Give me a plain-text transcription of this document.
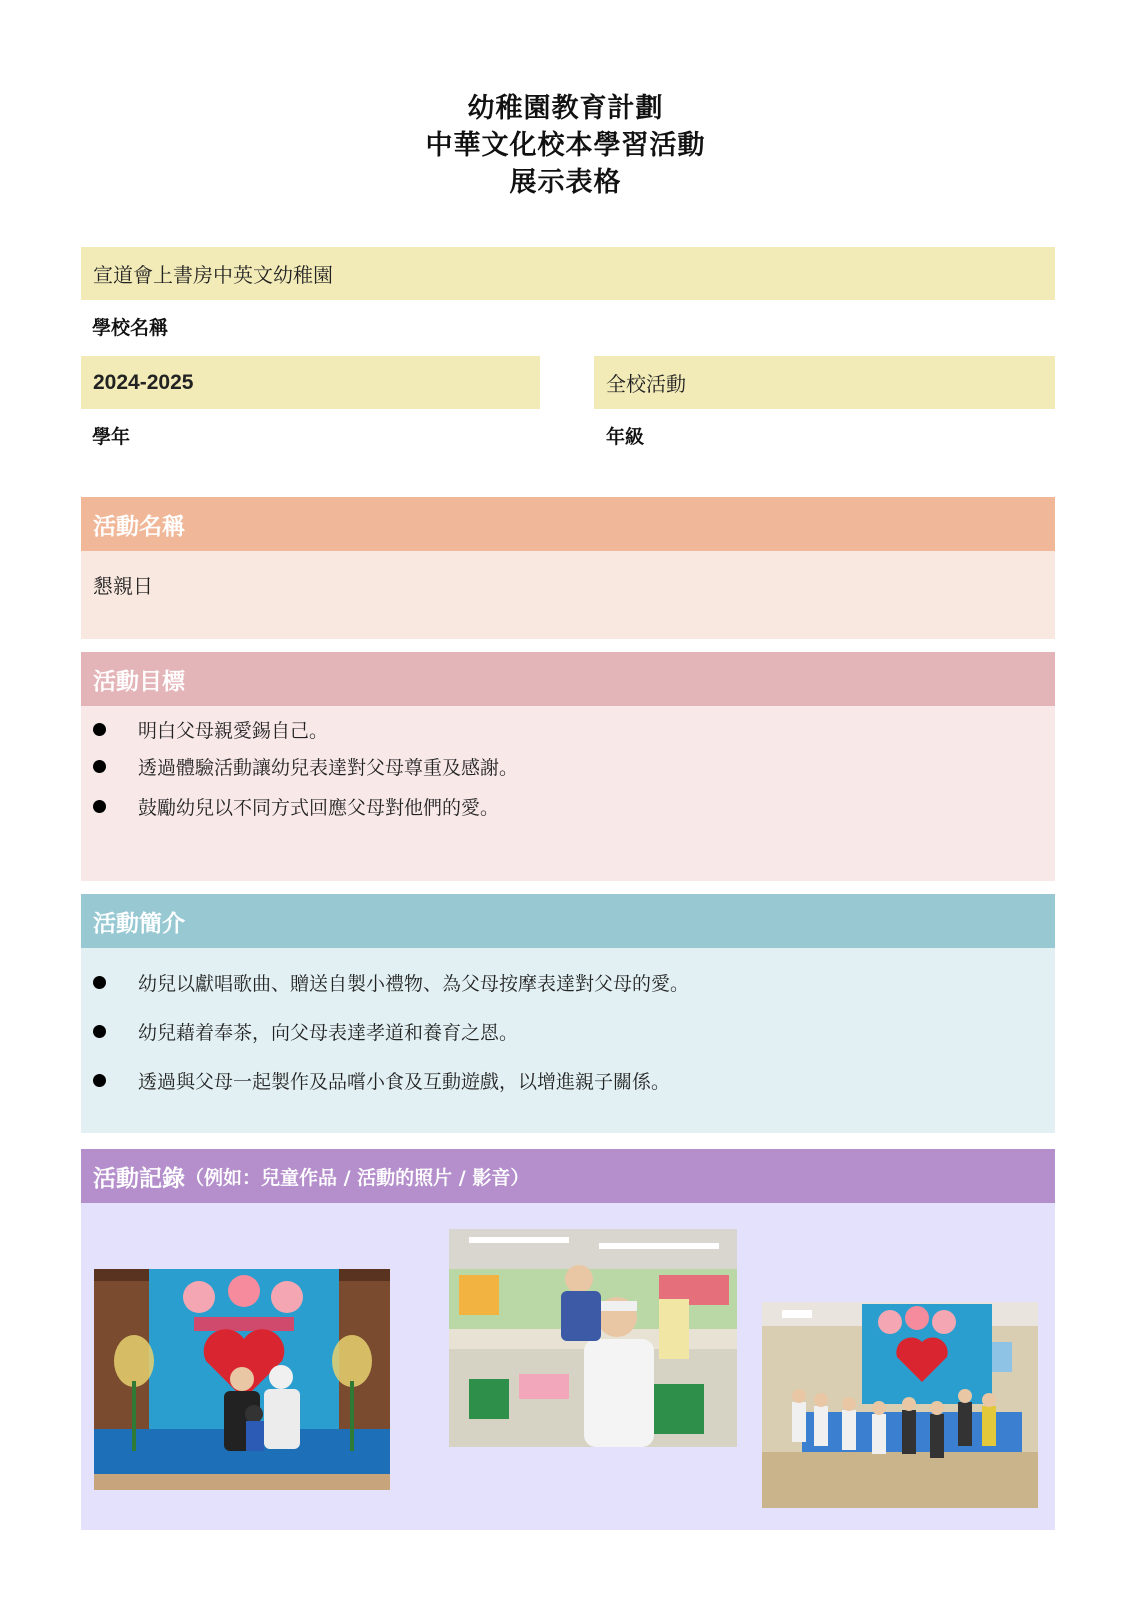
幼稚園教育計劃
中華文化校本學習活動
展示表格
宣道會上書房中英文幼稚園
學校名稱
2024-2025
學年
全校活動
年級
活動名稱
懇親日
活動目標
明白父母親愛錫自己。
透過體驗活動讓幼兒表達對父母尊重及感謝。
鼓勵幼兒以不同方式回應父母對他們的愛。
活動簡介
幼兒以獻唱歌曲、贈送自製小禮物、為父母按摩表達對父母的愛。
幼兒藉着奉茶，向父母表達孝道和養育之恩。
透過與父母一起製作及品嚐小食及互動遊戲，以增進親子關係。
活動記錄 （例如：兒童作品 / 活動的照片 / 影音）
